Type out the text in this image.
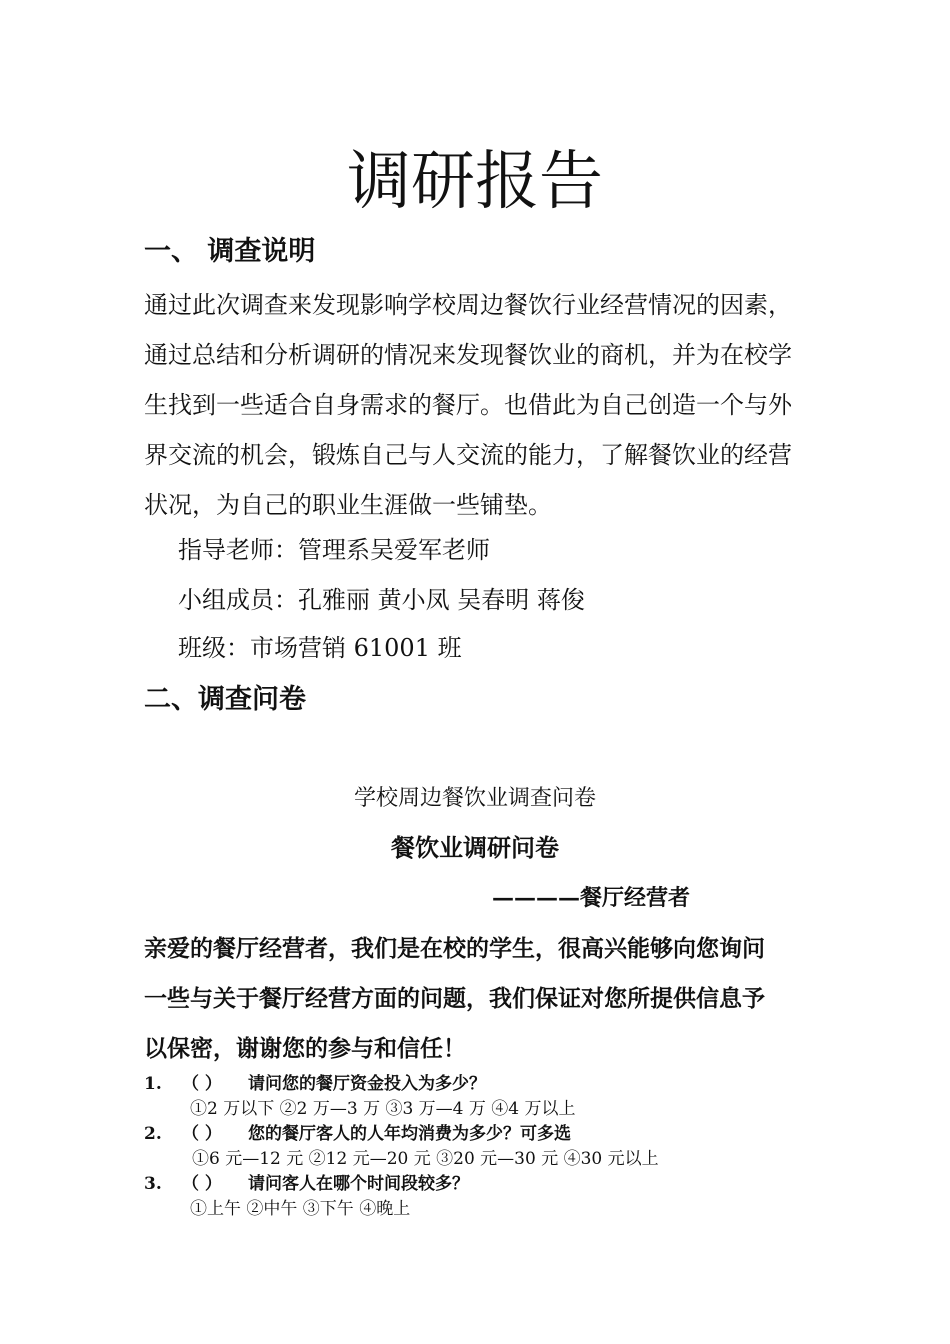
调研报告
一、 调查说明

通过此次调查来发现影响学校周边餐饮行业经营情况的因素，

通过总结和分析调研的情况来发现餐饮业的商机，并为在校学

生找到一些适合自身需求的餐厅。也借此为自己创造一个与外

界交流的机会，锻炼自己与人交流的能力，了解餐饮业的经营

状况，为自己的职业生涯做一些铺垫。

指导老师：管理系吴爱军老师
小组成员：孔雅丽 黄小凤 吴春明 蒋俊
班级：市场营销 61001 班
二、调查问卷
学校周边餐饮业调查问卷
餐饮业调研问卷
————餐厅经营者

亲爱的餐厅经营者，我们是在校的学生，很高兴能够向您询问

一些与关于餐厅经营方面的问题，我们保证对您所提供信息予

以保密，谢谢您的参与和信任！

1. （ ） 请问您的餐厅资金投入为多少？
①2 万以下 ②2 万—3 万 ③3 万—4 万 ④4 万以上
2. （ ） 您的餐厅客人的人年均消费为多少？可多选
①6 元—12 元 ②12 元—20 元 ③20 元—30 元 ④30 元以上
3. （ ） 请问客人在哪个时间段较多？
①上午 ②中午 ③下午 ④晚上
